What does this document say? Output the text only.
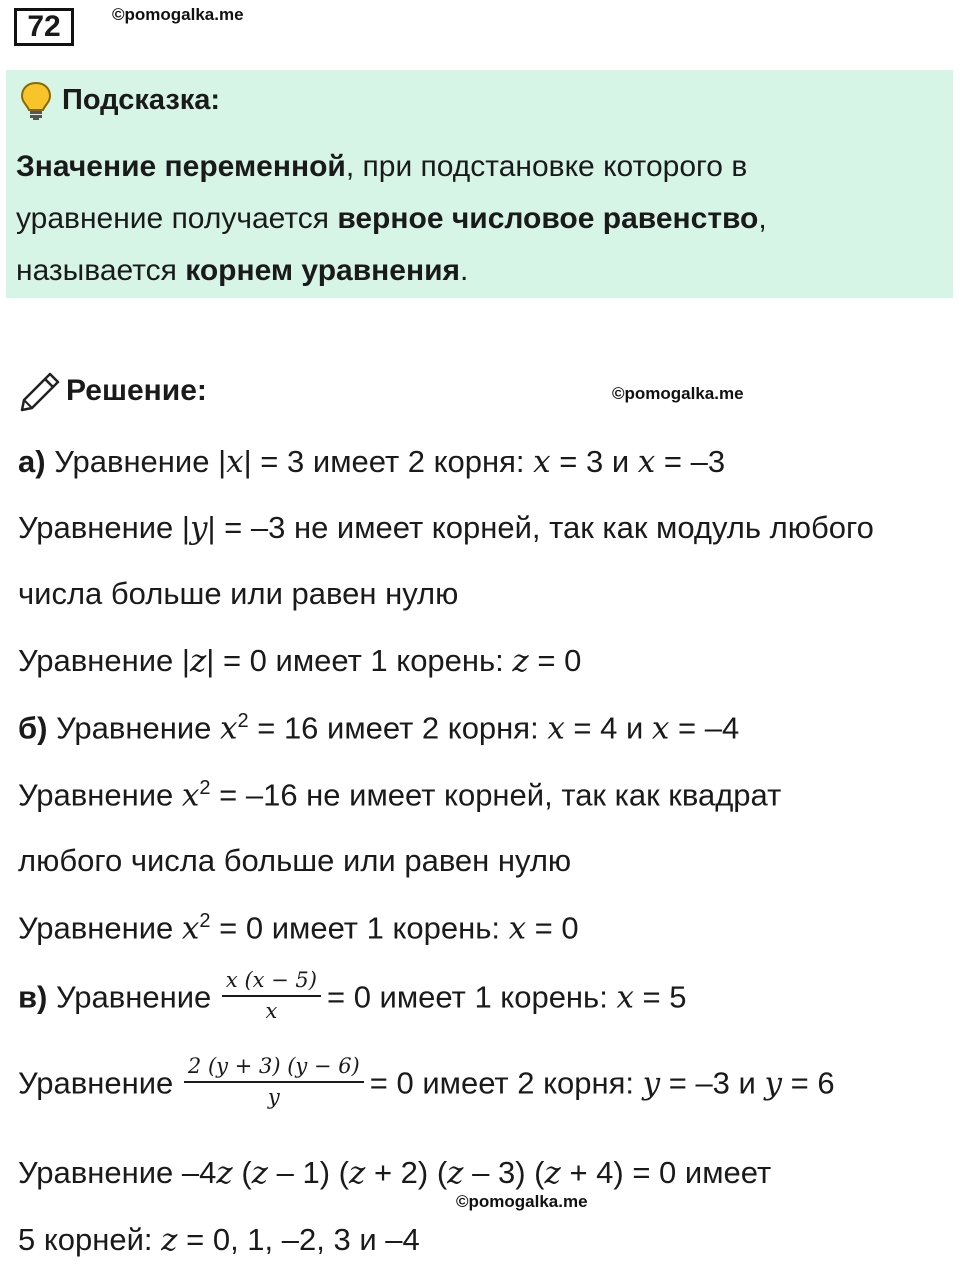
72	©pomogalka.me
Подсказка:
Значение переменной, при подстановке которого в
уравнение получается верное числовое равенство,
называется корнем уравнения.
Решение:	©pomogalka.me
а) Уравнение |x| = 3 имеет 2 корня: x = 3 и x = –3
Уравнение |y| = –3 не имеет корней, так как модуль любого
числа больше или равен нулю
Уравнение |z| = 0 имеет 1 корень: z = 0
б) Уравнение $x^2 = 16$ имеет 2 корня: x = 4 и x = –4
Уравнение $x^2 = -16$ не имеет корней, так как квадрат
любого числа больше или равен нулю
Уравнение $x^2 = 0$ имеет 1 корень: x = 0
в) Уравнение $\frac{x (x - 5)}{x} = 0$ имеет 1 корень: x = 5
Уравнение $\frac{2 (y + 3) (y - 6)}{y} = 0$ имеет 2 корня: y = –3 и y = 6
Уравнение –4z (z – 1) (z + 2) (z – 3) (z + 4) = 0 имеет
©pomogalka.me
5 корней: z = 0, 1, –2, 3 и –4
